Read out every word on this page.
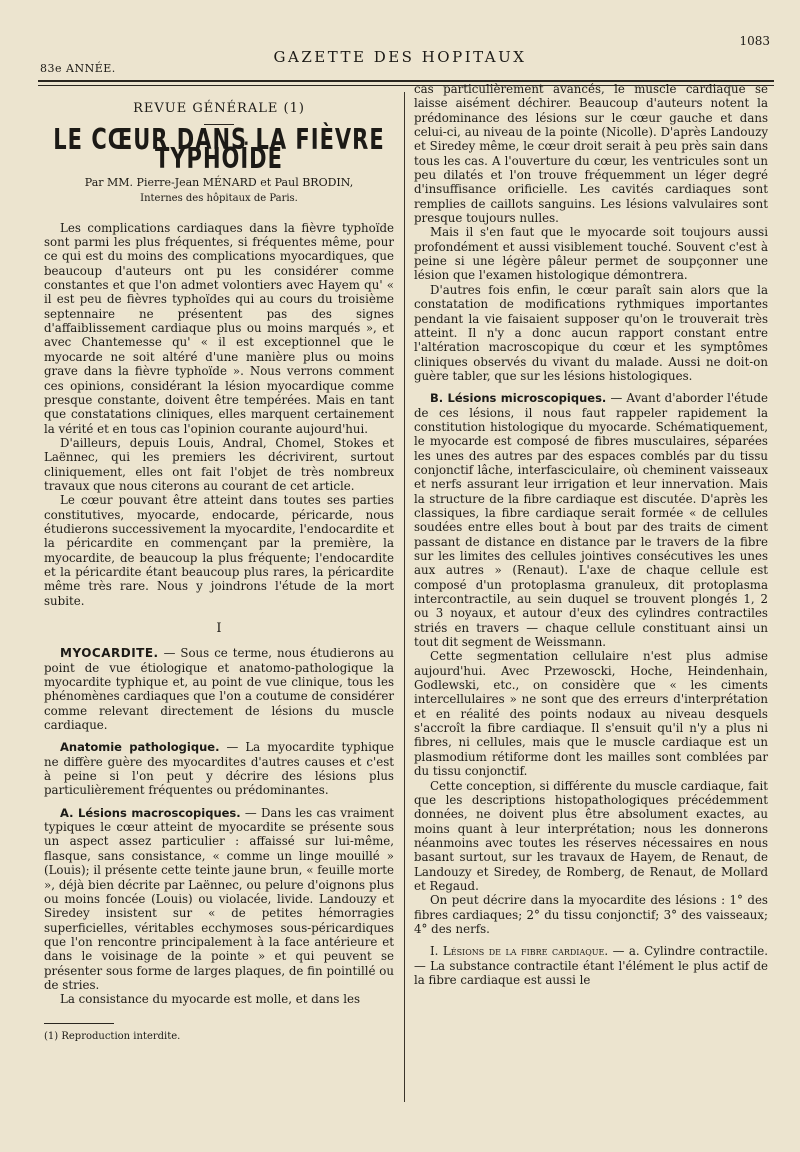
1083
GAZETTE DES HOPITAUX
83e ANNÉE.

REVUE GÉNÉRALE (1)

LE CŒUR DANS LA FIÈVRE TYPHOÏDE

Par MM. Pierre-Jean MÉNARD et Paul BRODIN,

Internes des hôpitaux de Paris.

Les complications cardiaques dans la fièvre typhoïde sont parmi les plus fréquentes, si fréquentes même, pour ce qui est du moins des complications myocardiques, que beaucoup d'auteurs ont pu les considérer comme constantes et que l'on admet volontiers avec Hayem qu' « il est peu de fièvres typhoïdes qui au cours du troisième septennaire ne présentent pas des signes d'affaiblissement cardiaque plus ou moins marqués », et avec Chantemesse qu' « il est exceptionnel que le myocarde ne soit altéré d'une manière plus ou moins grave dans la fièvre typhoïde ». Nous verrons comment ces opinions, considérant la lésion myocardique comme presque constante, doivent être tempérées. Mais en tant que constatations cliniques, elles marquent certainement la vérité et en tous cas l'opinion courante aujourd'hui.

D'ailleurs, depuis Louis, Andral, Chomel, Stokes et Laënnec, qui les premiers les décrivirent, surtout cliniquement, elles ont fait l'objet de très nombreux travaux que nous citerons au courant de cet article.

Le cœur pouvant être atteint dans toutes ses parties constitutives, myocarde, endocarde, péricarde, nous étudierons successivement la myocardite, l'endocardite et la péricardite en commençant par la première, la myocardite, de beaucoup la plus fréquente; l'endocardite et la péricardite étant beaucoup plus rares, la péricardite même très rare. Nous y joindrons l'étude de la mort subite.

I

MYOCARDITE. — Sous ce terme, nous étudierons au point de vue étiologique et anatomo-pathologique la myocardite typhique et, au point de vue clinique, tous les phénomènes cardiaques que l'on a coutume de considérer comme relevant directement de lésions du muscle cardiaque.

Anatomie pathologique. — La myocardite typhique ne diffère guère des myocardites d'autres causes et c'est à peine si l'on peut y décrire des lésions plus particulièrement fréquentes ou prédominantes.

A. Lésions macroscopiques. — Dans les cas vraiment typiques le cœur atteint de myocardite se présente sous un aspect assez particulier : affaissé sur lui-même, flasque, sans consistance, « comme un linge mouillé » (Louis); il présente cette teinte jaune brun, « feuille morte », déjà bien décrite par Laënnec, ou pelure d'oignons plus ou moins foncée (Louis) ou violacée, livide. Landouzy et Siredey insistent sur « de petites hémorragies superficielles, véritables ecchymoses sous-péricardiques que l'on rencontre principalement à la face antérieure et dans le voisinage de la pointe » et qui peuvent se présenter sous forme de larges plaques, de fin pointillé ou de stries.

La consistance du myocarde est molle, et dans les

(1) Reproduction interdite.

cas particulièrement avancés, le muscle cardiaque se laisse aisément déchirer. Beaucoup d'auteurs notent la prédominance des lésions sur le cœur gauche et dans celui-ci, au niveau de la pointe (Nicolle). D'après Landouzy et Siredey même, le cœur droit serait à peu près sain dans tous les cas. A l'ouverture du cœur, les ventricules sont un peu dilatés et l'on trouve fréquemment un léger degré d'insuffisance orificielle. Les cavités cardiaques sont remplies de caillots sanguins. Les lésions valvulaires sont presque toujours nulles.

Mais il s'en faut que le myocarde soit toujours aussi profondément et aussi visiblement touché. Souvent c'est à peine si une légère pâleur permet de soupçonner une lésion que l'examen histologique démontrera.

D'autres fois enfin, le cœur paraît sain alors que la constatation de modifications rythmiques importantes pendant la vie faisaient supposer qu'on le trouverait très atteint. Il n'y a donc aucun rapport constant entre l'altération macroscopique du cœur et les symptômes cliniques observés du vivant du malade. Aussi ne doit-on guère tabler, que sur les lésions histologiques.

B. Lésions microscopiques. — Avant d'aborder l'étude de ces lésions, il nous faut rappeler rapidement la constitution histologique du myocarde. Schématiquement, le myocarde est composé de fibres musculaires, séparées les unes des autres par des espaces comblés par du tissu conjonctif lâche, interfasciculaire, où cheminent vaisseaux et nerfs assurant leur irrigation et leur innervation. Mais la structure de la fibre cardiaque est discutée. D'après les classiques, la fibre cardiaque serait formée « de cellules soudées entre elles bout à bout par des traits de ciment passant de distance en distance par le travers de la fibre sur les limites des cellules jointives consécutives les unes aux autres » (Renaut). L'axe de chaque cellule est composé d'un protoplasma granuleux, dit protoplasma intercontractile, au sein duquel se trouvent plongés 1, 2 ou 3 noyaux, et autour d'eux des cylindres contractiles striés en travers — chaque cellule constituant ainsi un tout dit segment de Weissmann.

Cette segmentation cellulaire n'est plus admise aujourd'hui. Avec Przewoscki, Hoche, Heindenhain, Godlewski, etc., on considère que « les ciments intercellulaires » ne sont que des erreurs d'interprétation et en réalité des points nodaux au niveau desquels s'accroît la fibre cardiaque. Il s'ensuit qu'il n'y a plus ni fibres, ni cellules, mais que le muscle cardiaque est un plasmodium rétiforme dont les mailles sont comblées par du tissu conjonctif.

Cette conception, si différente du muscle cardiaque, fait que les descriptions histopathologiques précédemment données, ne doivent plus être absolument exactes, au moins quant à leur interprétation; nous les donnerons néanmoins avec toutes les réserves nécessaires en nous basant surtout, sur les travaux de Hayem, de Renaut, de Landouzy et Siredey, de Romberg, de Renaut, de Mollard et Regaud.

On peut décrire dans la myocardite des lésions : 1° des fibres cardiaques; 2° du tissu conjonctif; 3° des vaisseaux; 4° des nerfs.

I. Lésions de la fibre cardiaque. — a. Cylindre contractile. — La substance contractile étant l'élément le plus actif de la fibre cardiaque est aussi le
